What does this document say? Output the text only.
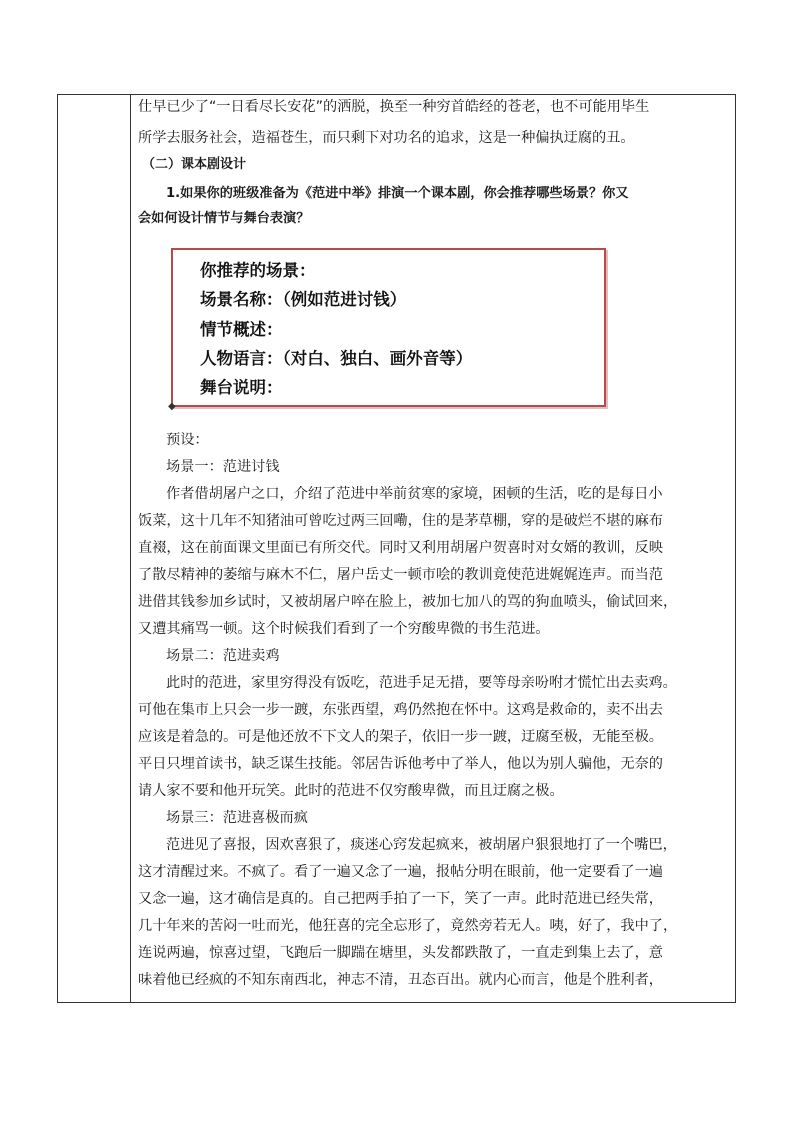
仕早已少了“一日看尽长安花”的洒脱，换至一种穷首皓经的苍老，也不可能用毕生
所学去服务社会，造福苍生，而只剩下对功名的追求，这是一种偏执迂腐的丑。
（二）课本剧设计
1.如果你的班级准备为《范进中举》排演一个课本剧，你会推荐哪些场景？你又
会如何设计情节与舞台表演？
预设：
场景一：范进讨钱
作者借胡屠户之口，介绍了范进中举前贫寒的家境，困顿的生活，吃的是每日小
饭菜，这十几年不知猪油可曾吃过两三回嘞，住的是茅草棚，穿的是破烂不堪的麻布
直裰，这在前面课文里面已有所交代。同时又利用胡屠户贺喜时对女婿的教训，反映
了散尽精神的萎缩与麻木不仁，屠户岳丈一顿市哙的教训竟使范进娓娓连声。而当范
进借其钱参加乡试时，又被胡屠户啐在脸上，被加七加八的骂的狗血喷头，偷试回来，
又遭其痛骂一顿。这个时候我们看到了一个穷酸卑微的书生范进。
场景二：范进卖鸡
此时的范进，家里穷得没有饭吃，范进手足无措，要等母亲吩咐才慌忙出去卖鸡。
可他在集市上只会一步一踱，东张西望，鸡仍然抱在怀中。这鸡是救命的，卖不出去
应该是着急的。可是他还放不下文人的架子，依旧一步一踱，迂腐至极，无能至极。
平日只埋首读书，缺乏谋生技能。邻居告诉他考中了举人，他以为别人骗他，无奈的
请人家不要和他开玩笑。此时的范进不仅穷酸卑微，而且迂腐之极。
场景三：范进喜极而疯
范进见了喜报，因欢喜狠了，痰迷心窍发起疯来，被胡屠户狠狠地打了一个嘴巴，
这才清醒过来。不疯了。看了一遍又念了一遍，报帖分明在眼前，他一定要看了一遍
又念一遍，这才确信是真的。自己把两手拍了一下，笑了一声。此时范进已经失常，
几十年来的苦闷一吐而光，他狂喜的完全忘形了，竟然旁若无人。咦，好了，我中了，
连说两遍，惊喜过望，飞跑后一脚踹在塘里，头发都跌散了，一直走到集上去了，意
味着他已经疯的不知东南西北，神志不清，丑态百出。就内心而言，他是个胜利者，
你推荐的场景：
场景名称：（例如范进讨钱）
情节概述：
人物语言：（对白、独白、画外音等）
舞台说明：
◆
